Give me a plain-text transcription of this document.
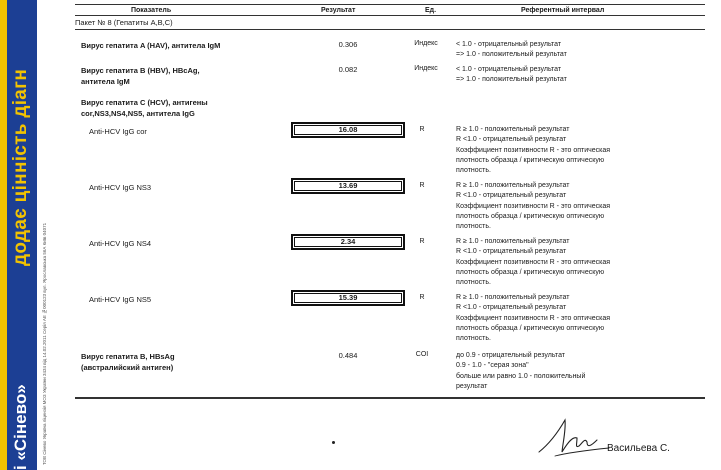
додає цінність діагн
і «Сінево»	ТОВ Сінево Україна ліцензія МОЗ України 3434 від 14.02.2011 Серія АЕ №000123 вул. Ярославська 56А Київ 04071
Показатель	Результат	Ед.	Референтный интервал
Пакет № 8 (Гепатиты A,B,C)
Вирус гепатита A (HAV), антитела IgM	0.306	Индекс	< 1.0 - отрицательный результат
=> 1.0 - положительный результат
Вирус гепатита B (HBV), HBcAg,
антитела IgM
0.082	Индекс	< 1.0 - отрицательный результат
=> 1.0 - положительный результат
Вирус гепатита C (HCV), антигены
cor,NS3,NS4,NS5, антитела IgG
Anti-HCV IgG cor	16.08	R	R ≥ 1.0 - положительный результат
R <1.0 - отрицательный результат
Коэффициент позитивности R - это оптическая
плотность образца / критическую оптическую
плотность.
Anti-HCV IgG NS3	13.69	R	R ≥ 1.0 - положительный результат
R <1.0 - отрицательный результат
Коэффициент позитивности R - это оптическая
плотность образца / критическую оптическую
плотность.
Anti-HCV IgG NS4	2.34	R	R ≥ 1.0 - положительный результат
R <1.0 - отрицательный результат
Коэффициент позитивности R - это оптическая
плотность образца / критическую оптическую
плотность.
Anti-HCV IgG NS5	15.39	R	R ≥ 1.0 - положительный результат
R <1.0 - отрицательный результат
Коэффициент позитивности R - это оптическая
плотность образца / критическую оптическую
плотность.
Вирус гепатита B, HBsAg
(австралийский антиген)
0.484	COI	до 0.9 - отрицательный результат
0.9 - 1.0 - "серая зона"
больше или равно 1.0 - положительный
результат
Васильева С.
